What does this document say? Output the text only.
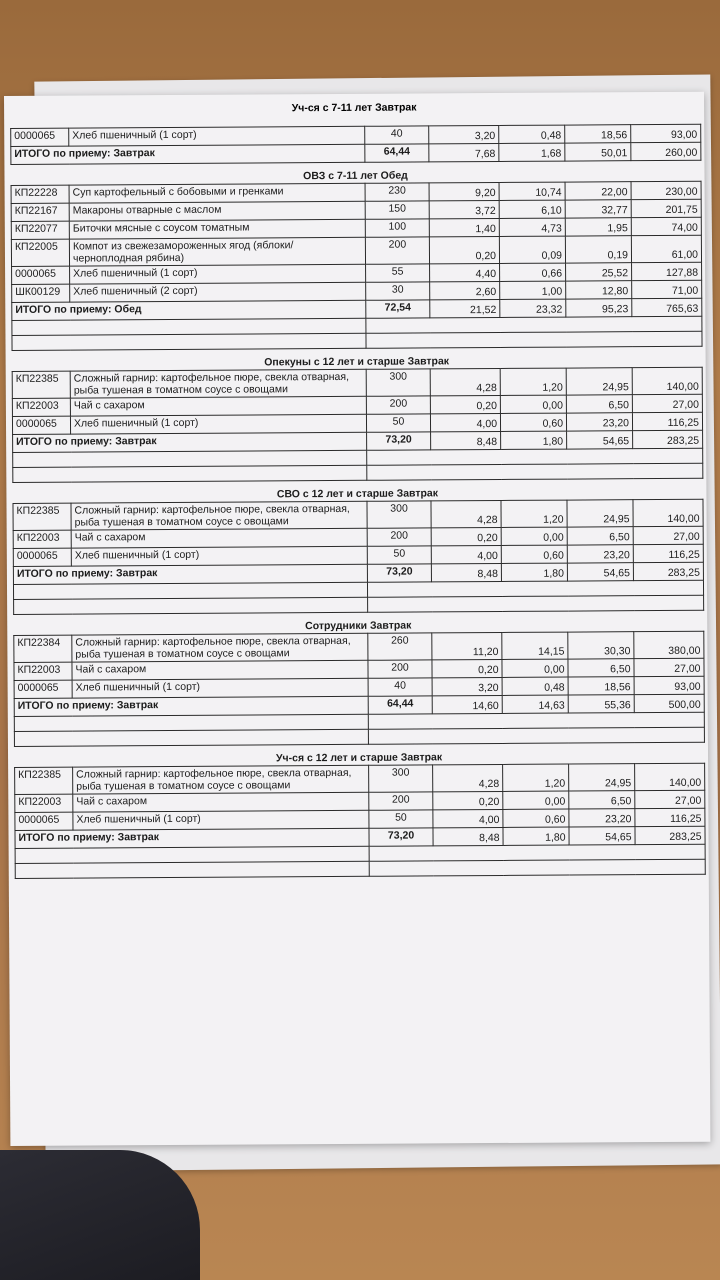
0000065	Хлеб пшеничный (1 сорт)	40	3,20	0,48	18,56	93,00
ИТОГО по приему: Завтрак		64,44	7,68	1,68	50,01	260,00
ОВЗ с 7-11 лет Обед
КП22228	Суп картофельный с бобовыми и гренками	230	9,20	10,74	22,00	230,00
КП22167	Макароны отварные с маслом	150	3,72	6,10	32,77	201,75
КП22077	Биточки мясные с соусом томатным	100	1,40	4,73	1,95	74,00
КП22005	Компот из свежезамороженных ягод (яблоки/черноплодная рябина)	200	0,20	0,09	0,19	61,00
0000065	Хлеб пшеничный (1 сорт)	55	4,40	0,66	25,52	127,88
ШК00129	Хлеб пшеничный (2 сорт)	30	2,60	1,00	12,80	71,00
ИТОГО по приему: Обед		72,54	21,52	23,32	95,23	765,63

Опекуны с 12 лет и старше Завтрак
КП22385	Сложный гарнир: картофельное пюре, свекла отварная, рыба тушеная в томатном соусе с овощами	300	4,28	1,20	24,95	140,00
КП22003	Чай с сахаром	200	0,20	0,00	6,50	27,00
0000065	Хлеб пшеничный (1 сорт)	50	4,00	0,60	23,20	116,25
ИТОГО по приему: Завтрак		73,20	8,48	1,80	54,65	283,25

СВО с 12 лет и старше Завтрак
КП22385	Сложный гарнир: картофельное пюре, свекла отварная, рыба тушеная в томатном соусе с овощами	300	4,28	1,20	24,95	140,00
КП22003	Чай с сахаром	200	0,20	0,00	6,50	27,00
0000065	Хлеб пшеничный (1 сорт)	50	4,00	0,60	23,20	116,25
ИТОГО по приему: Завтрак		73,20	8,48	1,80	54,65	283,25

Сотрудники Завтрак
КП22384	Сложный гарнир: картофельное пюре, свекла отварная, рыба тушеная в томатном соусе с овощами	260	11,20	14,15	30,30	380,00
КП22003	Чай с сахаром	200	0,20	0,00	6,50	27,00
0000065	Хлеб пшеничный (1 сорт)	40	3,20	0,48	18,56	93,00
ИТОГО по приему: Завтрак		64,44	14,60	14,63	55,36	500,00

Уч-ся с 12 лет и старше Завтрак
КП22385	Сложный гарнир: картофельное пюре, свекла отварная, рыба тушеная в томатном соусе с овощами	300	4,28	1,20	24,95	140,00
КП22003	Чай с сахаром	200	0,20	0,00	6,50	27,00
0000065	Хлеб пшеничный (1 сорт)	50	4,00	0,60	23,20	116,25
ИТОГО по приему: Завтрак		73,20	8,48	1,80	54,65	283,25

Уч-ся с 7-11 лет Завтрак
